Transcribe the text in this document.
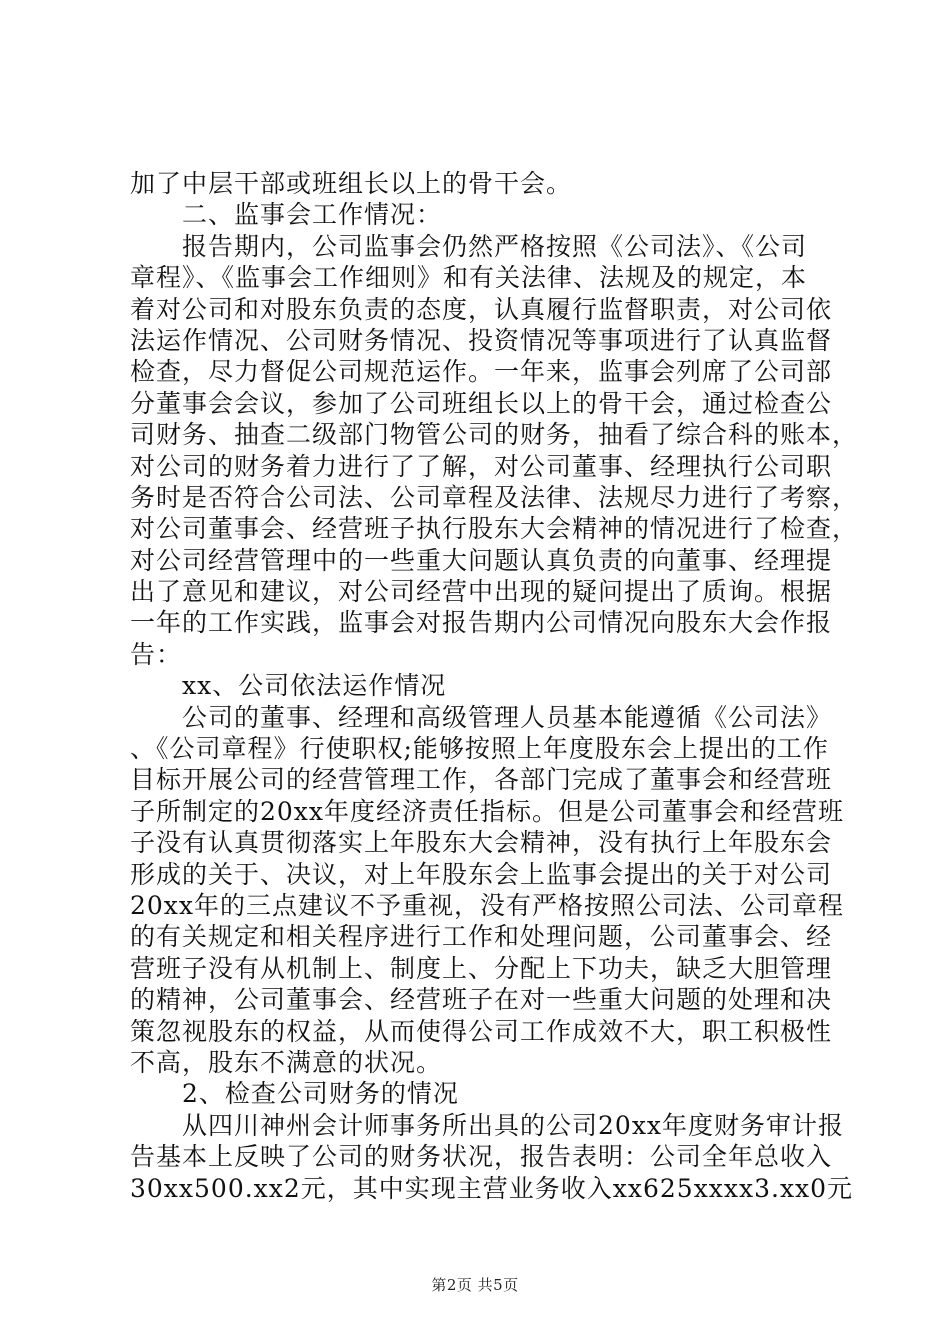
加了中层干部或班组长以上的骨干会。
　　二、监事会工作情况：
　　报告期内，公司监事会仍然严格按照《公司法》、《公司
章程》、《监事会工作细则》和有关法律、法规及的规定，本
着对公司和对股东负责的态度，认真履行监督职责，对公司依
法运作情况、公司财务情况、投资情况等事项进行了认真监督
检查，尽力督促公司规范运作。一年来，监事会列席了公司部
分董事会会议，参加了公司班组长以上的骨干会，通过检查公
司财务、抽查二级部门物管公司的财务，抽看了综合科的账本，
对公司的财务着力进行了了解，对公司董事、经理执行公司职
务时是否符合公司法、公司章程及法律、法规尽力进行了考察，
对公司董事会、经营班子执行股东大会精神的情况进行了检查，
对公司经营管理中的一些重大问题认真负责的向董事、经理提
出了意见和建议，对公司经营中出现的疑问提出了质询。根据
一年的工作实践，监事会对报告期内公司情况向股东大会作报
告：
　　xx、公司依法运作情况
　　公司的董事、经理和高级管理人员基本能遵循《公司法》
、《公司章程》行使职权;能够按照上年度股东会上提出的工作
目标开展公司的经营管理工作，各部门完成了董事会和经营班
子所制定的20xx年度经济责任指标。但是公司董事会和经营班
子没有认真贯彻落实上年股东大会精神，没有执行上年股东会
形成的关于、决议，对上年股东会上监事会提出的关于对公司
20xx年的三点建议不予重视，没有严格按照公司法、公司章程
的有关规定和相关程序进行工作和处理问题，公司董事会、经
营班子没有从机制上、制度上、分配上下功夫，缺乏大胆管理
的精神，公司董事会、经营班子在对一些重大问题的处理和决
策忽视股东的权益，从而使得公司工作成效不大，职工积极性
不高，股东不满意的状况。
　　2、检查公司财务的情况
　　从四川神州会计师事务所出具的公司20xx年度财务审计报
告基本上反映了公司的财务状况，报告表明：公司全年总收入
30xx500.xx2元，其中实现主营业务收入xx625xxxx3.xx0元
第2页 共5页
